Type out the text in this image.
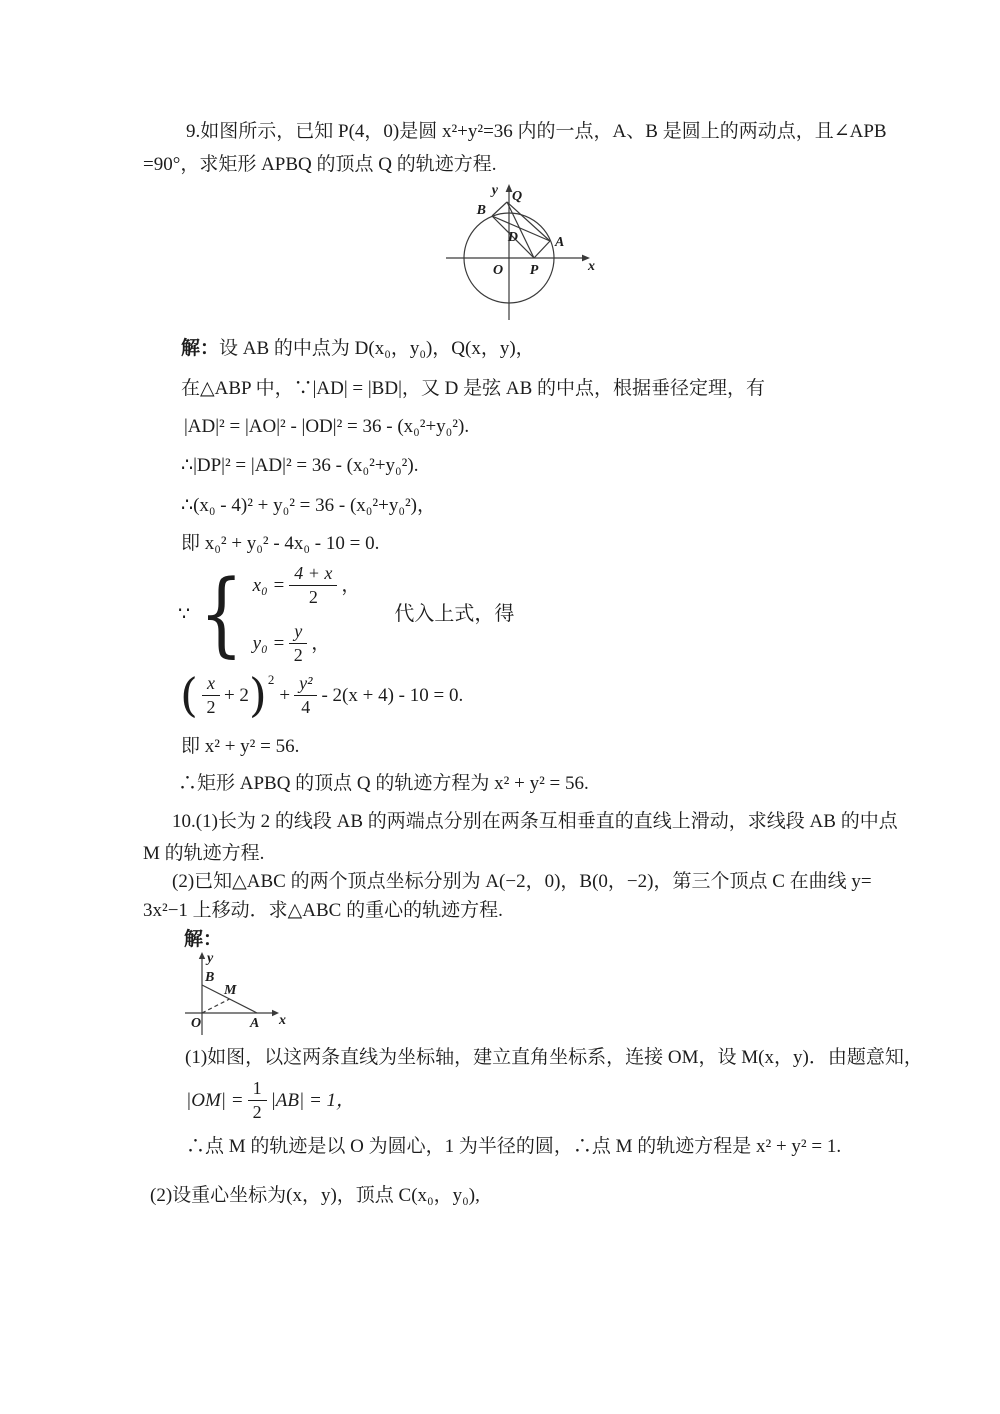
9.如图所示，已知 P(4，0)是圆 x²+y²=36 内的一点，A、B 是圆上的两动点，且∠APB
=90°，求矩形 APBQ 的顶点 Q 的轨迹方程.
y
x
Q
B
D	A
P
O
解：设 AB 的中点为 D(x₀，y₀)，Q(x，y)，
在△ABP 中，∵|AD| = |BD|，又 D 是弦 AB 的中点，根据垂径定理，有
|AD|² = |AO|² - |OD|² = 36 - (x₀²+y₀²).
∴|DP|² = |AD|² = 36 - (x₀²+y₀²).
∴(x₀ - 4)² + y₀² = 36 - (x₀²+y₀²)，
即 x₀² + y₀² - 4x₀ - 10 = 0.
∵ { $x_0 = \frac{4 + x}{2}$ ，
$y_0 = \frac{y}{2}$ ，
代入上式，得
( $\frac{x}{2} + 2$ ) 2
+ $\frac{\text{y²}}{4} - 2(x + 4) - 10 = 0$.
即 x² + y² = 56.
∴矩形 APBQ 的顶点 Q 的轨迹方程为 x² + y² = 56.
10.(1)长为 2 的线段 AB 的两端点分别在两条互相垂直的直线上滑动，求线段 AB 的中点
M 的轨迹方程.
(2)已知△ABC 的两个顶点坐标分别为 A(−2，0)，B(0，−2)，第三个顶点 C 在曲线 y=
3x²−1 上移动．求△ABC 的重心的轨迹方程.
解：
y
x
O
B
M
A
(1)如图，以这两条直线为坐标轴，建立直角坐标系，连接 OM，设 M(x，y)．由题意知，
$|OM| = \frac{1}{2} |AB| = 1$，
∴点 M 的轨迹是以 O 为圆心，1 为半径的圆，∴点 M 的轨迹方程是 x² + y² = 1.
(2)设重心坐标为(x，y)，顶点 C(x₀，y₀),
